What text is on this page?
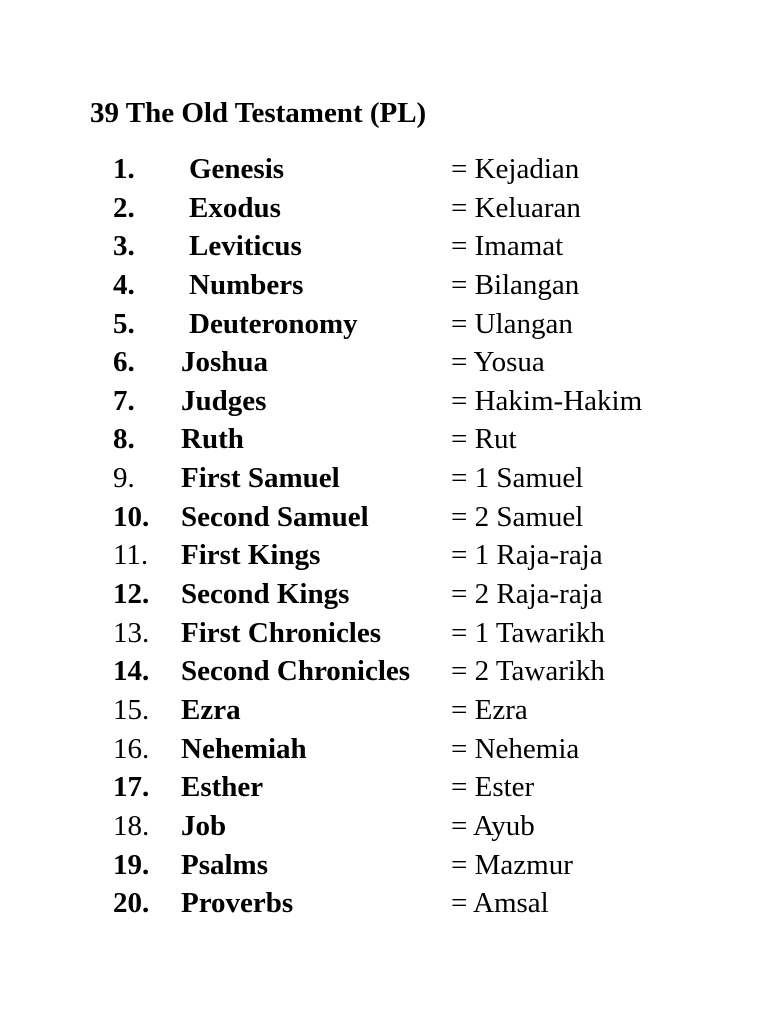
39 The Old Testament (PL)
1. Genesis	= Kejadian
2. Exodus	= Keluaran
3. Leviticus	= Imamat
4. Numbers	= Bilangan
5. Deuteronomy	= Ulangan
6. Joshua	= Yosua
7. Judges	= Hakim-Hakim
8. Ruth	= Rut
9. First Samuel	= 1 Samuel
10. Second Samuel	= 2 Samuel
11. First Kings	= 1 Raja-raja
12. Second Kings	= 2 Raja-raja
13. First Chronicles = 1 Tawarikh
14. Second Chronicles = 2 Tawarikh
15. Ezra	= Ezra
16. Nehemiah	= Nehemia
17. Esther	= Ester
18. Job	= Ayub
19. Psalms	= Mazmur
20. Proverbs	= Amsal
